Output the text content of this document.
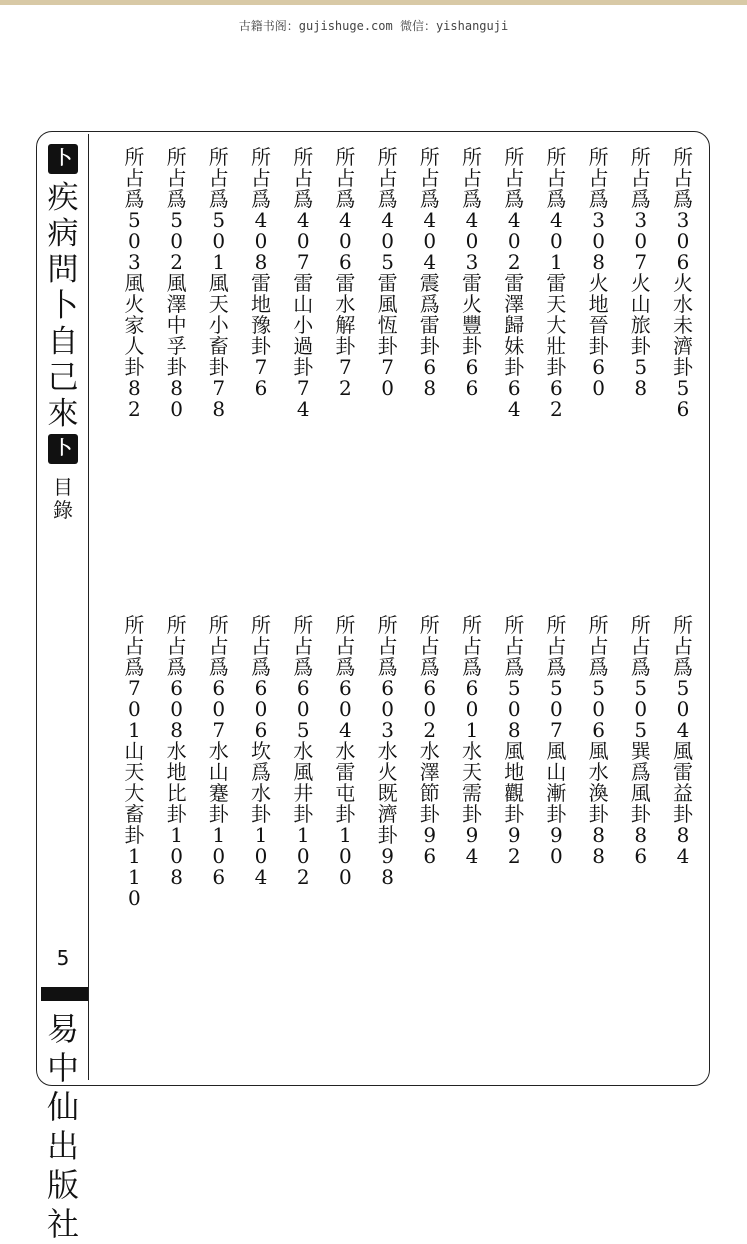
古籍书阁：gujishuge.com 微信：yishanguji
卜
疾
病
問
卜
自
己
來
卜
目
錄
5
易
中
仙
出
版
社
所
占
爲
3
0
6
火
水
未
濟
卦
5
6
所
占
爲
3
0
7
火
山
旅
卦
5
8
所
占
爲
3
0
8
火
地
晉
卦
6
0
所
占
爲
4
0
1
雷
天
大
壯
卦
6
2
所
占
爲
4
0
2
雷
澤
歸
妹
卦
6
4
所
占
爲
4
0
3
雷
火
豐
卦
6
6
所
占
爲
4
0
4
震
爲
雷
卦
6
8
所
占
爲
4
0
5
雷
風
恆
卦
7
0
所
占
爲
4
0
6
雷
水
解
卦
7
2
所
占
爲
4
0
7
雷
山
小
過
卦
7
4
所
占
爲
4
0
8
雷
地
豫
卦
7
6
所
占
爲
5
0
1
風
天
小
畜
卦
7
8
所
占
爲
5
0
2
風
澤
中
孚
卦
8
0
所
占
爲
5
0
3
風
火
家
人
卦
8
2
所
占
爲
5
0
4
風
雷
益
卦
8
4
所
占
爲
5
0
5
巽
爲
風
卦
8
6
所
占
爲
5
0
6
風
水
渙
卦
8
8
所
占
爲
5
0
7
風
山
漸
卦
9
0
所
占
爲
5
0
8
風
地
觀
卦
9
2
所
占
爲
6
0
1
水
天
需
卦
9
4
所
占
爲
6
0
2
水
澤
節
卦
9
6
所
占
爲
6
0
3
水
火
既
濟
卦
9
8
所
占
爲
6
0
4
水
雷
屯
卦
1
0
0
所
占
爲
6
0
5
水
風
井
卦
1
0
2
所
占
爲
6
0
6
坎
爲
水
卦
1
0
4
所
占
爲
6
0
7
水
山
蹇
卦
1
0
6
所
占
爲
6
0
8
水
地
比
卦
1
0
8
所
占
爲
7
0
1
山
天
大
畜
卦
1
1
0
